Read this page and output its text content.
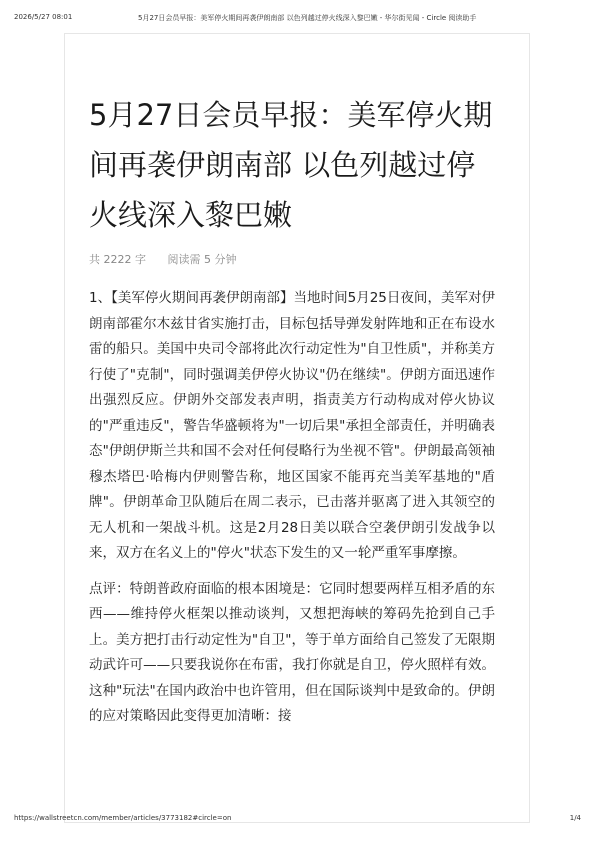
2026/5/27 08:01	5月27日会员早报：美军停火期间再袭伊朗南部 以色列越过停火线深入黎巴嫩 - 华尔街见闻 - Circle 阅读助手
5月27日会员早报：美军停火期间再袭伊朗南部 以色列越过停火线深入黎巴嫩
共 2222 字 阅读需 5 分钟

1、【美军停火期间再袭伊朗南部】当地时间5月25日夜间，美军对伊朗南部霍尔木兹甘省实施打击，目标包括导弹发射阵地和正在布设水雷的船只。美国中央司令部将此次行动定性为"自卫性质"，并称美方行使了"克制"，同时强调美伊停火协议"仍在继续"。伊朗方面迅速作出强烈反应。伊朗外交部发表声明，指责美方行动构成对停火协议的"严重违反"，警告华盛顿将为"一切后果"承担全部责任，并明确表态"伊朗伊斯兰共和国不会对任何侵略行为坐视不管"。伊朗最高领袖穆杰塔巴·哈梅内伊则警告称，地区国家不能再充当美军基地的"盾牌"。伊朗革命卫队随后在周二表示，已击落并驱离了进入其领空的无人机和一架战斗机。这是2月28日美以联合空袭伊朗引发战争以来，双方在名义上的"停火"状态下发生的又一轮严重军事摩擦。

点评：特朗普政府面临的根本困境是：它同时想要两样互相矛盾的东西——维持停火框架以推动谈判，又想把海峡的筹码先抢到自己手上。美方把打击行动定性为"自卫"，等于单方面给自己签发了无限期动武许可——只要我说你在布雷，我打你就是自卫，停火照样有效。这种"玩法"在国内政治中也许管用，但在国际谈判中是致命的。伊朗的应对策略因此变得更加清晰：接

https://wallstreetcn.com/member/articles/3773182#circle=on	1/4
